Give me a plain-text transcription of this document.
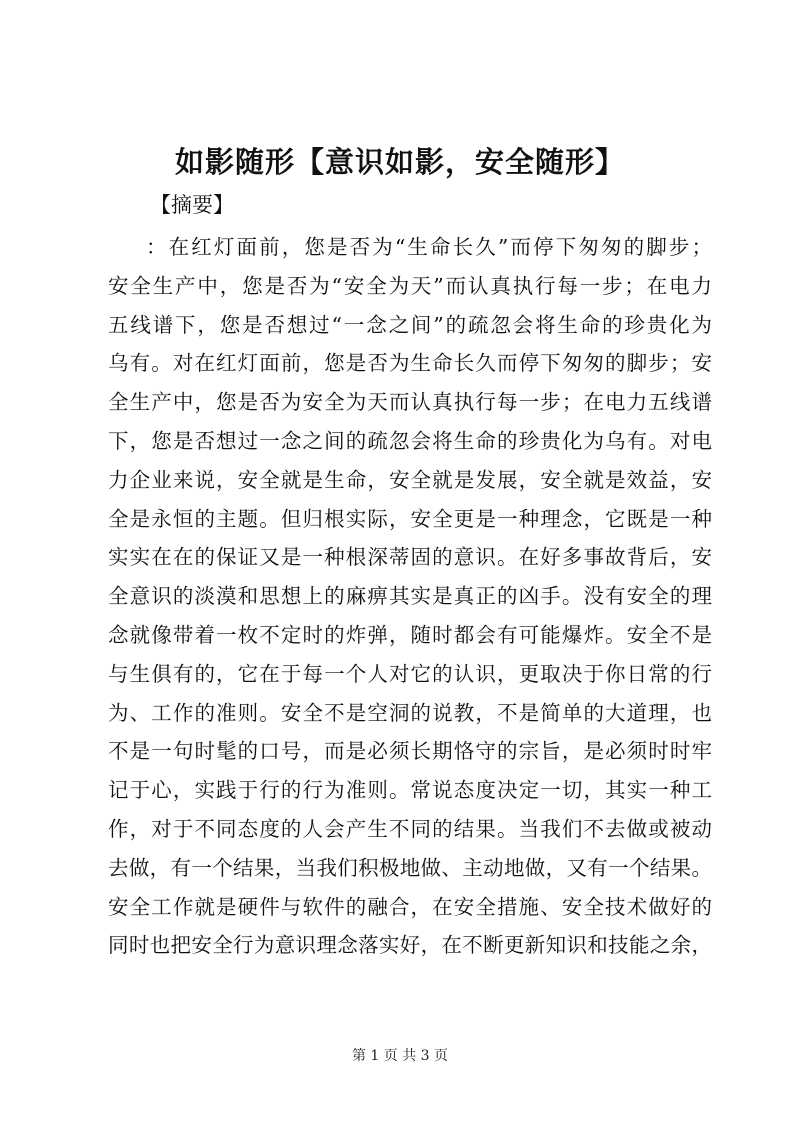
如影随形【意识如影，安全随形】
【摘要】
：在红灯面前，您是否为“生命长久”而停下匆匆的脚步；
安全生产中，您是否为“安全为天”而认真执行每一步；在电力
五线谱下，您是否想过“一念之间”的疏忽会将生命的珍贵化为
乌有。对在红灯面前，您是否为生命长久而停下匆匆的脚步；安
全生产中，您是否为安全为天而认真执行每一步；在电力五线谱
下，您是否想过一念之间的疏忽会将生命的珍贵化为乌有。对电
力企业来说，安全就是生命，安全就是发展，安全就是效益，安
全是永恒的主题。但归根实际，安全更是一种理念，它既是一种
实实在在的保证又是一种根深蒂固的意识。在好多事故背后，安
全意识的淡漠和思想上的麻痹其实是真正的凶手。没有安全的理
念就像带着一枚不定时的炸弹，随时都会有可能爆炸。安全不是
与生俱有的，它在于每一个人对它的认识，更取决于你日常的行
为、工作的准则。安全不是空洞的说教，不是简单的大道理，也
不是一句时髦的口号，而是必须长期恪守的宗旨，是必须时时牢
记于心，实践于行的行为准则。常说态度决定一切，其实一种工
作，对于不同态度的人会产生不同的结果。当我们不去做或被动
去做，有一个结果，当我们积极地做、主动地做，又有一个结果。
安全工作就是硬件与软件的融合，在安全措施、安全技术做好的
同时也把安全行为意识理念落实好，在不断更新知识和技能之余，
第 1 页 共 3 页
